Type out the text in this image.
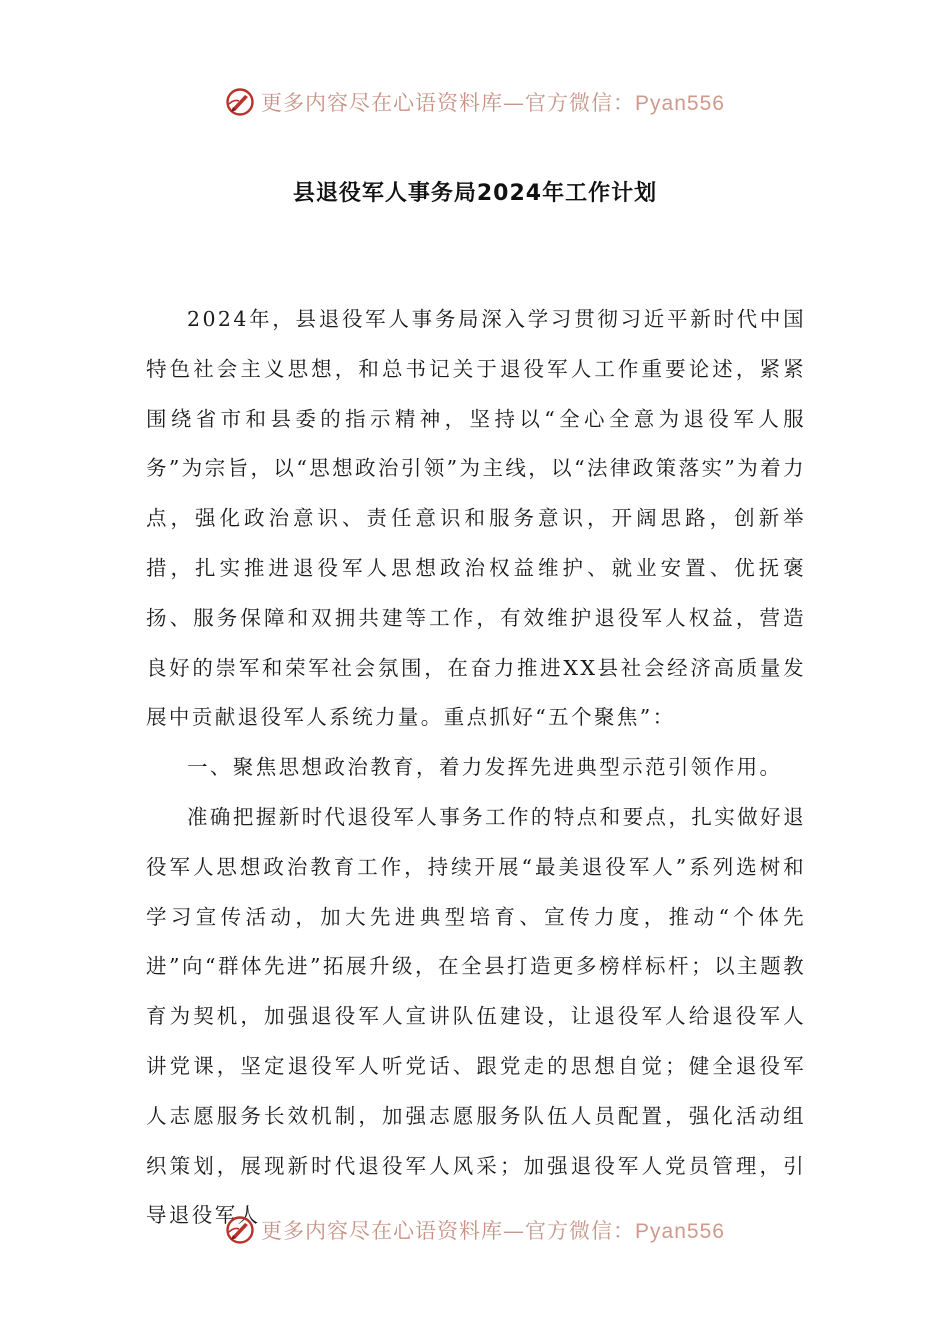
更多内容尽在心语资料库—官方微信：Pyan556
县退役军人事务局2024年工作计划

2024年，县退役军人事务局深入学习贯彻习近平新时代中国特色社会主义思想，和总书记关于退役军人工作重要论述，紧紧围绕省市和县委的指示精神，坚持以“全心全意为退役军人服务”为宗旨，以“思想政治引领”为主线，以“法律政策落实”为着力点，强化政治意识、责任意识和服务意识，开阔思路，创新举措，扎实推进退役军人思想政治权益维护、就业安置、优抚褒扬、服务保障和双拥共建等工作，有效维护退役军人权益，营造良好的崇军和荣军社会氛围，在奋力推进XX县社会经济高质量发展中贡献退役军人系统力量。重点抓好“五个聚焦”：

一、聚焦思想政治教育，着力发挥先进典型示范引领作用。

准确把握新时代退役军人事务工作的特点和要点，扎实做好退役军人思想政治教育工作，持续开展“最美退役军人”系列选树和学习宣传活动，加大先进典型培育、宣传力度，推动“个体先进”向“群体先进”拓展升级，在全县打造更多榜样标杆；以主题教育为契机，加强退役军人宣讲队伍建设，让退役军人给退役军人讲党课，坚定退役军人听党话、跟党走的思想自觉；健全退役军人志愿服务长效机制，加强志愿服务队伍人员配置，强化活动组织策划，展现新时代退役军人风采；加强退役军人党员管理，引导退役军人

更多内容尽在心语资料库—官方微信：Pyan556
